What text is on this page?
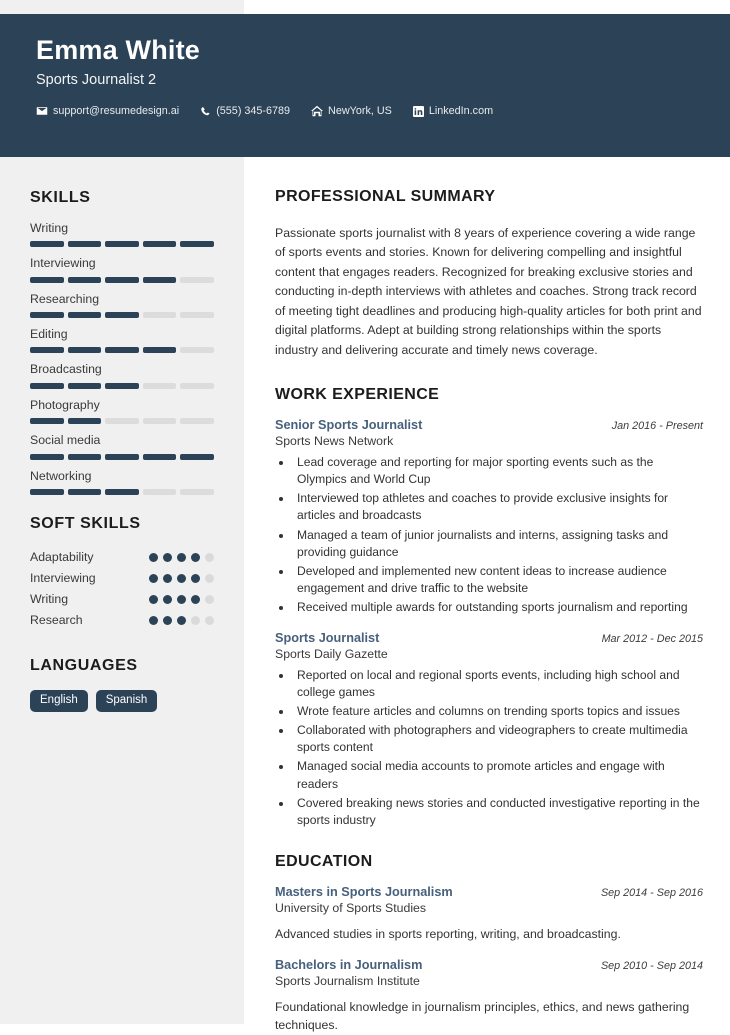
Emma White
Sports Journalist 2
support@resumedesign.ai	(555) 345-6789	NewYork, US	LinkedIn.com
SKILLS
Writing
Interviewing
Researching
Editing
Broadcasting
Photography
Social media
Networking
SOFT SKILLS
Adaptability
Interviewing
Writing
Research
LANGUAGES
English	Spanish
PROFESSIONAL SUMMARY
Passionate sports journalist with 8 years of experience covering a wide range of sports events and stories. Known for delivering compelling and insightful content that engages readers. Recognized for breaking exclusive stories and conducting in-depth interviews with athletes and coaches. Strong track record of meeting tight deadlines and producing high-quality articles for both print and digital platforms. Adept at building strong relationships within the sports industry and delivering accurate and timely news coverage.
WORK EXPERIENCE
Senior Sports Journalist	Jan 2016 - Present
Sports News Network
• Lead coverage and reporting for major sporting events such as the Olympics and World Cup
• Interviewed top athletes and coaches to provide exclusive insights for articles and broadcasts
• Managed a team of junior journalists and interns, assigning tasks and providing guidance
• Developed and implemented new content ideas to increase audience engagement and drive traffic to the website
• Received multiple awards for outstanding sports journalism and reporting
Sports Journalist	Mar 2012 - Dec 2015
Sports Daily Gazette
• Reported on local and regional sports events, including high school and college games
• Wrote feature articles and columns on trending sports topics and issues
• Collaborated with photographers and videographers to create multimedia sports content
• Managed social media accounts to promote articles and engage with readers
• Covered breaking news stories and conducted investigative reporting in the sports industry
EDUCATION
Masters in Sports Journalism	Sep 2014 - Sep 2016
University of Sports Studies
Advanced studies in sports reporting, writing, and broadcasting.
Bachelors in Journalism	Sep 2010 - Sep 2014
Sports Journalism Institute
Foundational knowledge in journalism principles, ethics, and news gathering techniques.
